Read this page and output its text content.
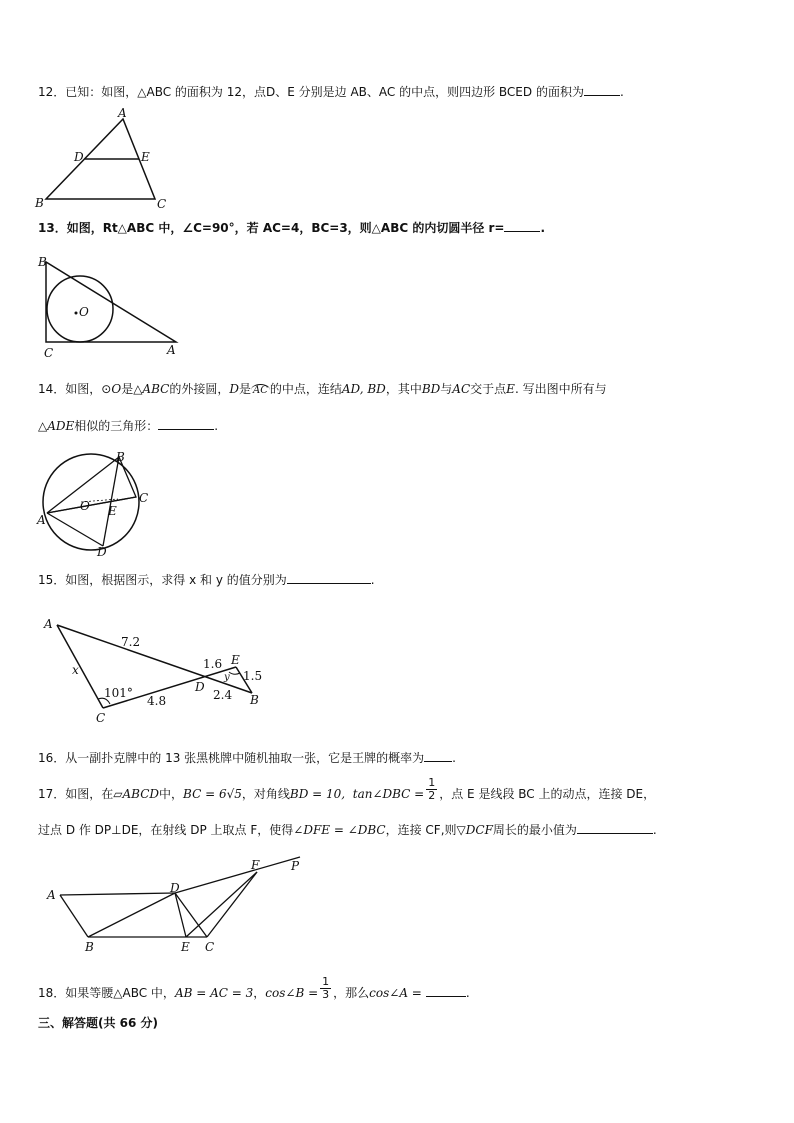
12．已知：如图，△ABC 的面积为 12，点D、E 分别是边 AB、AC 的中点，则四边形 BCED 的面积为	.
A
B	C
D	E
13．如图，Rt△ABC 中，∠C=90°，若 AC=4，BC=3，则△ABC 的内切圆半径 r=	.
B
C	A
O
14．如图，⊙O是△ABC的外接圆，D是 AC 的中点，连结AD, BD，其中BD与AC交于点E. 写出图中所有与
△ADE相似的三角形：	.
B
C
A
D
E
O
15．如图，根据图示，求得 x 和 y 的值分别为	.
A
C
D
E
B
x
y
7.2
1.6
1.5
2.4
4.8
101°
16．从一副扑克牌中的 13 张黑桃牌中随机抽取一张，它是王牌的概率为 .
17．如图，在▱ABCD中，BC = 6√5，对角线BD = 10, tan∠DBC = $\frac{1}{2}$ ，点 E 是线段 BC 上的动点，连接 DE，
过点 D 作 DP⊥DE，在射线 DP 上取点 F，使得∠DFE = ∠DBC，连接 CF,则▽DCF周长的最小值为	.
A
B
D
E C
F	P
18．如果等腰△ABC 中，AB = AC = 3，cos∠B = $\frac{1}{3}$ ，那么cos∠A =	.
三、解答题(共 66 分)
